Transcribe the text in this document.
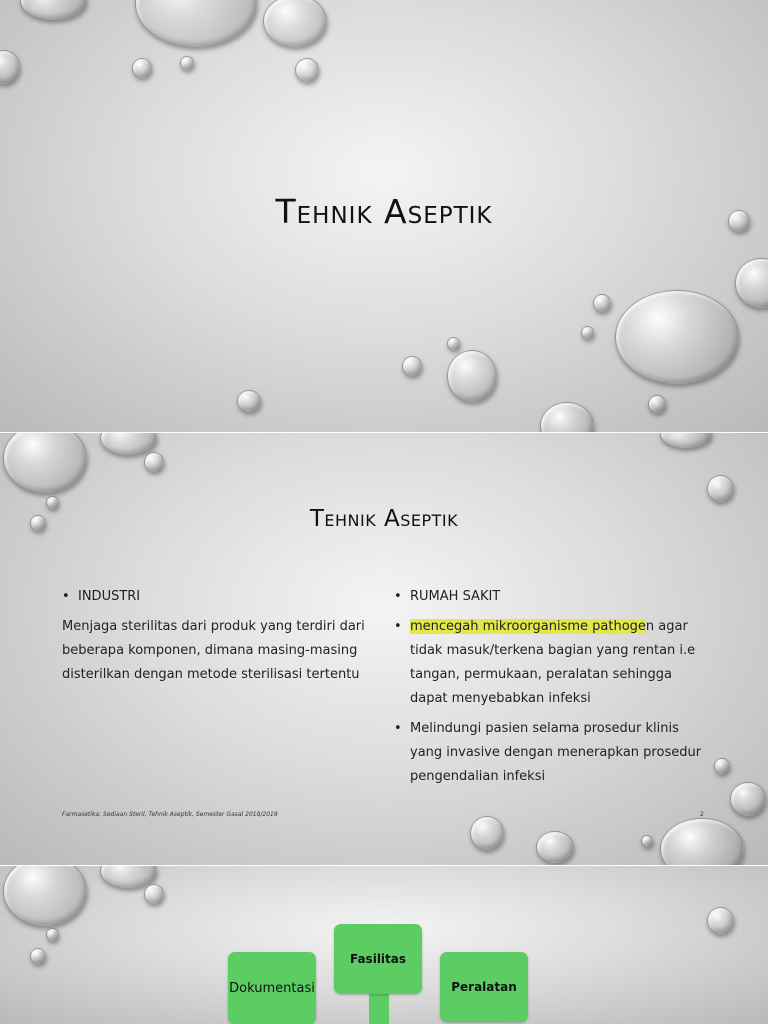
Tehnik Aseptik
Tehnik Aseptik
• INDUSTRI
Menjaga sterilitas dari produk yang terdiri dari beberapa komponen, dimana masing-masing disterilkan dengan metode sterilisasi tertentu
• RUMAH SAKIT
• mencegah mikroorganisme pathogen agar tidak masuk/terkena bagian yang rentan i.e tangan, permukaan, peralatan sehingga dapat menyebabkan infeksi
• Melindungi pasien selama prosedur klinis yang invasive dengan menerapkan prosedur pengendalian infeksi
Farmasetika: Sediaan Steril, Tehnik Aseptik, Semester Gasal 2018/2019	2
Dokumentasi
Fasilitas
Peralatan
